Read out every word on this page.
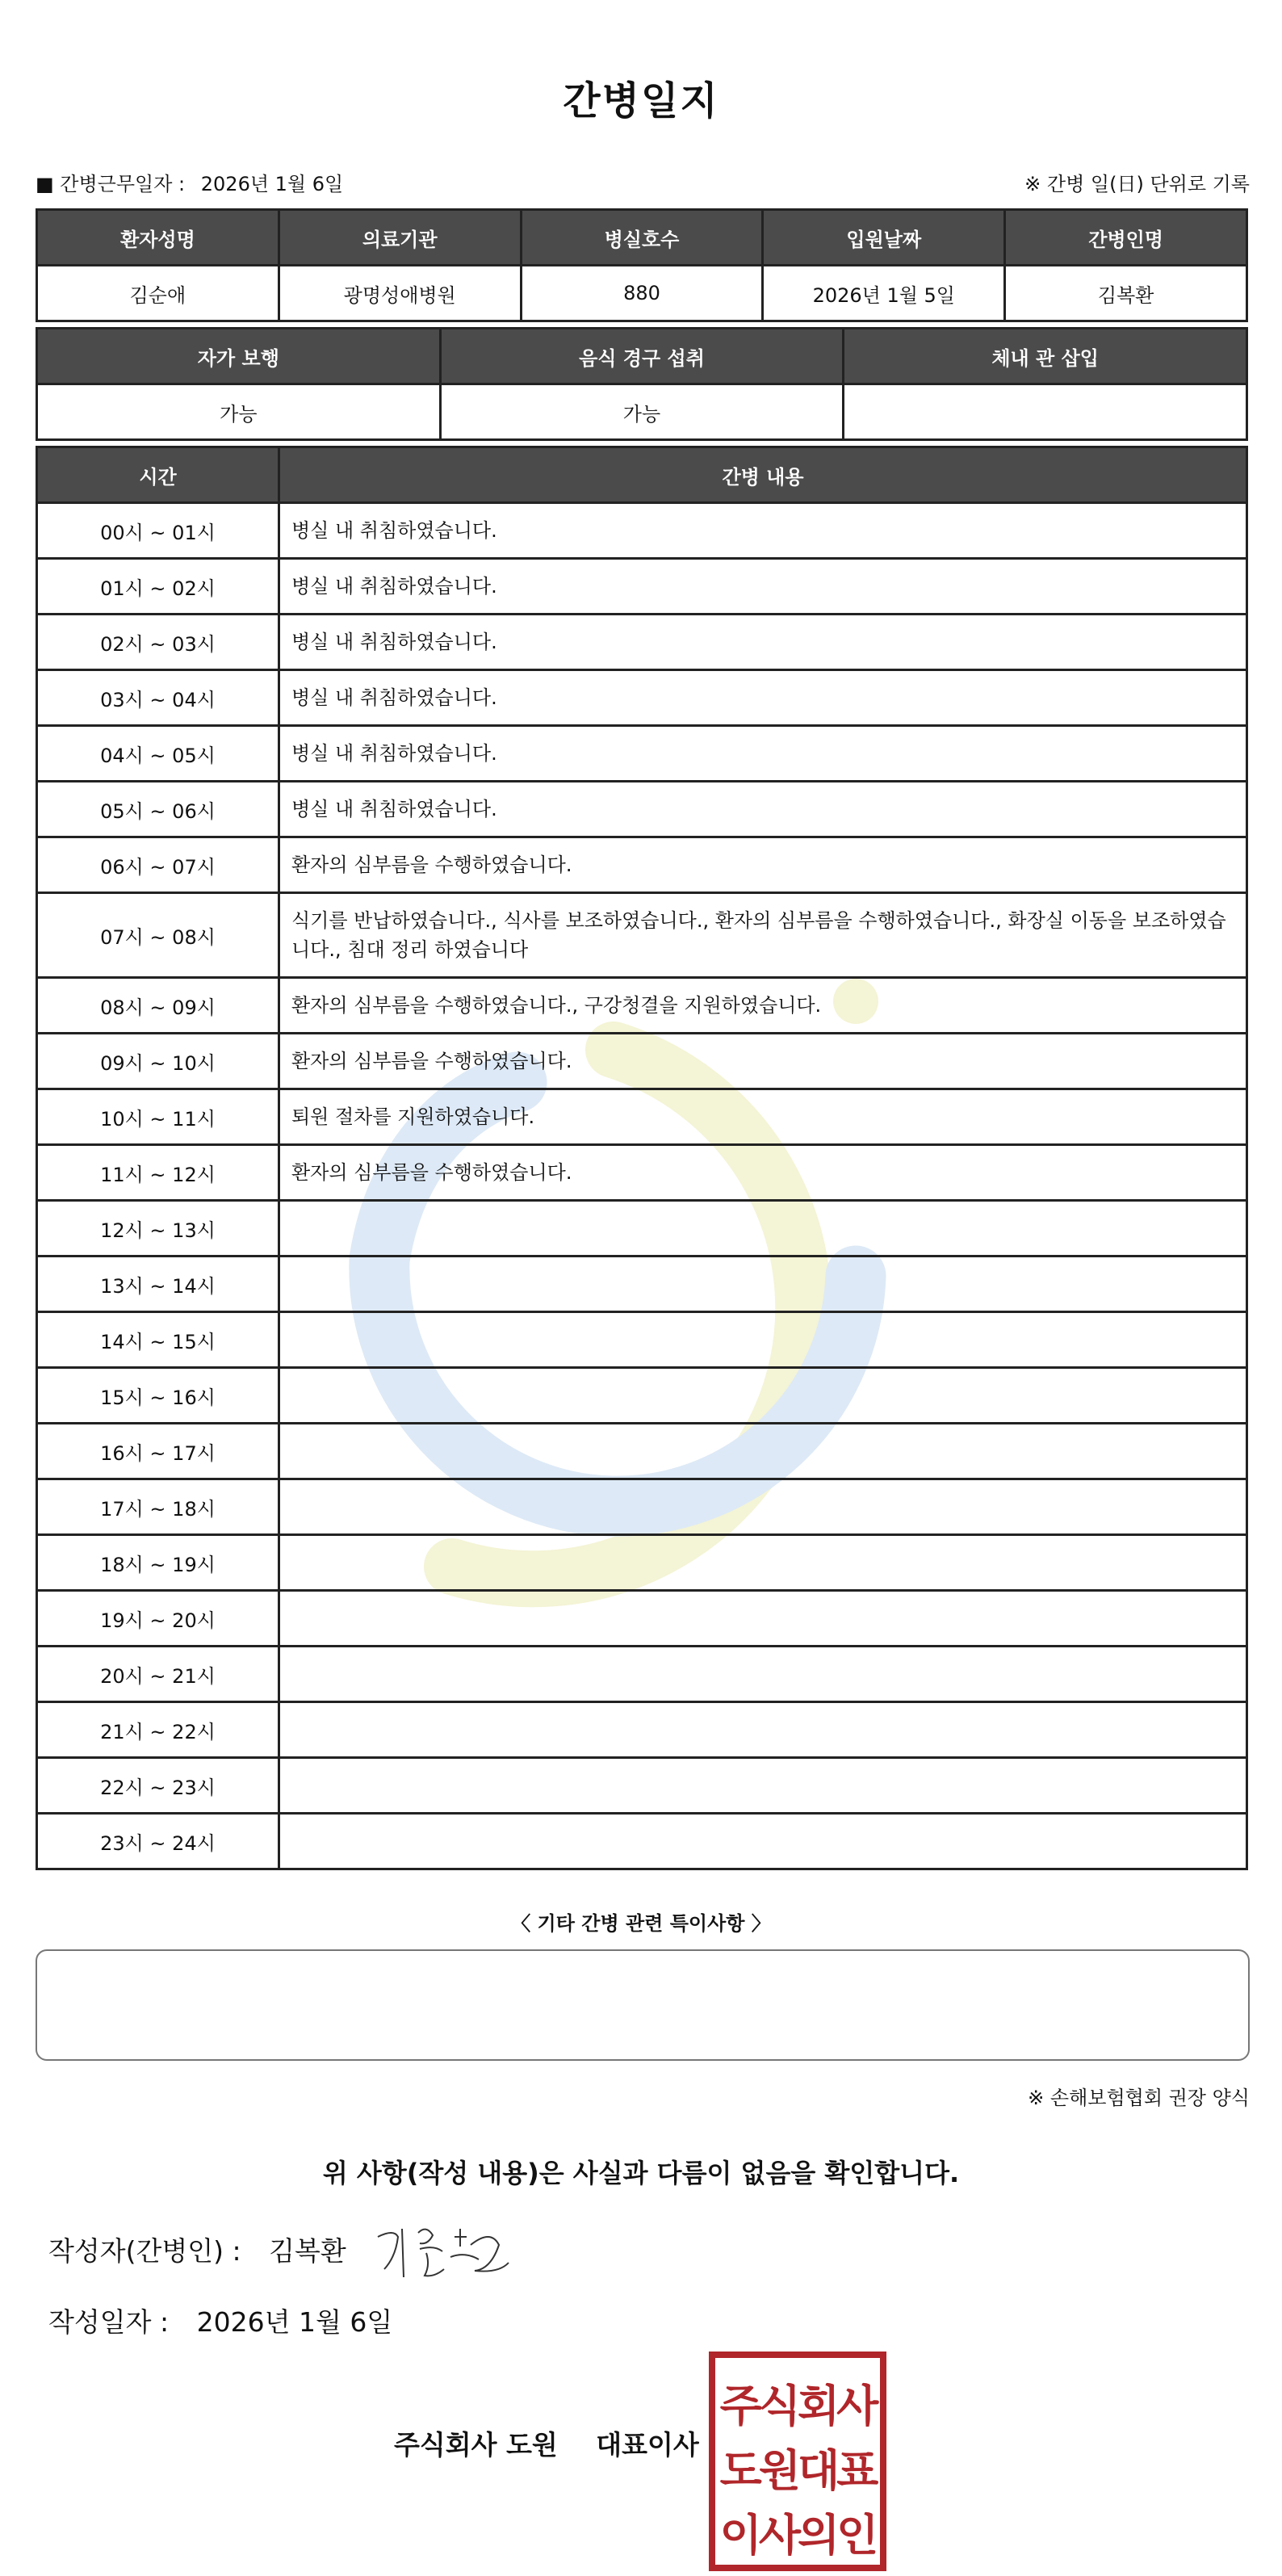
간병일지
■ 간병근무일자 : 2026년 1월 6일	※ 간병 일(日) 단위로 기록
환자성명	의료기관	병실호수	입원날짜	간병인명
김순애	광명성애병원	880	2026년 1월 5일	김복환
자가 보행	음식 경구 섭취	체내 관 삽입
가능	가능	
시간	간병 내용
00시 ~ 01시	병실 내 취침하였습니다.
01시 ~ 02시	병실 내 취침하였습니다.
02시 ~ 03시	병실 내 취침하였습니다.
03시 ~ 04시	병실 내 취침하였습니다.
04시 ~ 05시	병실 내 취침하였습니다.
05시 ~ 06시	병실 내 취침하였습니다.
06시 ~ 07시	환자의 심부름을 수행하였습니다.
07시 ~ 08시	식기를 반납하였습니다., 식사를 보조하였습니다., 환자의 심부름을 수행하였습니다., 화장실 이동을 보조하였습니다., 침대 정리 하였습니다
08시 ~ 09시	환자의 심부름을 수행하였습니다., 구강청결을 지원하였습니다.
09시 ~ 10시	환자의 심부름을 수행하였습니다.
10시 ~ 11시	퇴원 절차를 지원하였습니다.
11시 ~ 12시	환자의 심부름을 수행하였습니다.
12시 ~ 13시	
13시 ~ 14시	
14시 ~ 15시	
15시 ~ 16시	
16시 ~ 17시	
17시 ~ 18시	
18시 ~ 19시	
19시 ~ 20시	
20시 ~ 21시	
21시 ~ 22시	
22시 ~ 23시	
23시 ~ 24시	
〈 기타 간병 관련 특이사항 〉
※ 손해보험협회 권장 양식
위 사항(작성 내용)은 사실과 다름이 없음을 확인합니다.
작성자(간병인) : 김복환
작성일자 : 2026년 1월 6일
주식회사 도원 대표이사
주식회사
도원대표
이사의인
